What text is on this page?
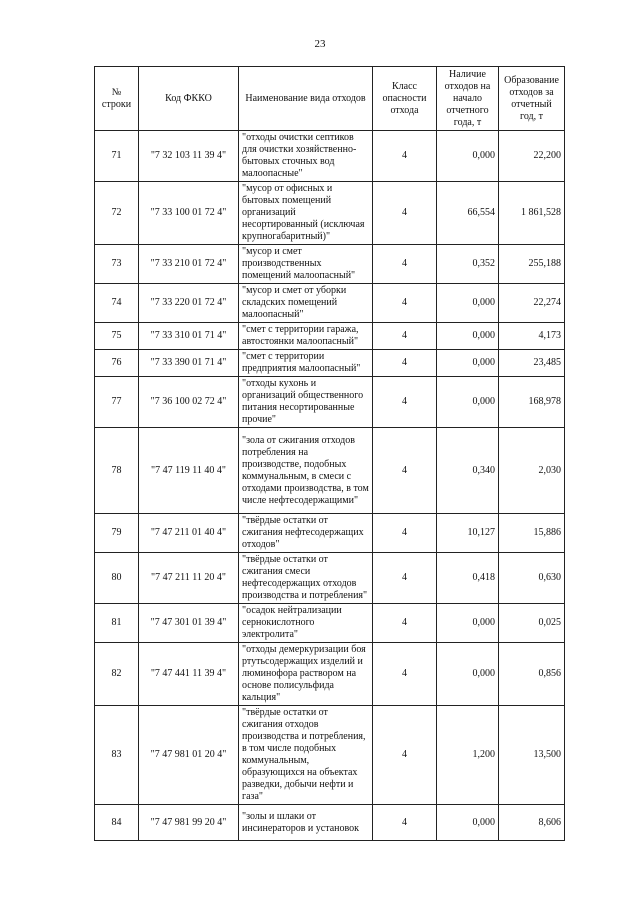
23
№ строки	Код ФККО	Наименование вида отходов	Класс опасности отхода	Наличие отходов на начало отчетного года, т	Образование отходов за отчетный год, т
71	"7 32 103 11 39 4"	"отходы очистки септиков для очистки хозяйственно-бытовых сточных вод малоопасные"	4	0,000	22,200
72	"7 33 100 01 72 4"	"мусор от офисных и бытовых помещений организаций несортированный (исключая крупногабаритный)"	4	66,554	1 861,528
73	"7 33 210 01 72 4"	"мусор и смет производственных помещений малоопасный"	4	0,352	255,188
74	"7 33 220 01 72 4"	"мусор и смет от уборки складских помещений малоопасный"	4	0,000	22,274
75	"7 33 310 01 71 4"	"смет с территории гаража, автостоянки малоопасный"	4	0,000	4,173
76	"7 33 390 01 71 4"	"смет с территории предприятия малоопасный"	4	0,000	23,485
77	"7 36 100 02 72 4"	"отходы кухонь и организаций общественного питания несортированные прочие"	4	0,000	168,978
78	"7 47 119 11 40 4"	"зола от сжигания отходов потребления на производстве, подобных коммунальным, в смеси с отходами производства, в том числе нефтесодержащими"	4	0,340	2,030
79	"7 47 211 01 40 4"	"твёрдые остатки от сжигания нефтесодержащих отходов"	4	10,127	15,886
80	"7 47 211 11 20 4"	"твёрдые остатки от сжигания смеси нефтесодержащих отходов производства и потребления"	4	0,418	0,630
81	"7 47 301 01 39 4"	"осадок нейтрализации сернокислотного электролита"	4	0,000	0,025
82	"7 47 441 11 39 4"	"отходы демеркуризации боя ртутьсодержащих изделий и люминофора раствором на основе полисульфида кальция"	4	0,000	0,856
83	"7 47 981 01 20 4"	"твёрдые остатки от сжигания отходов производства и потребления, в том числе подобных коммунальным, образующихся на объектах разведки, добычи нефти и газа"	4	1,200	13,500
84	"7 47 981 99 20 4"	"золы и шлаки от инсинераторов и установок	4	0,000	8,606
